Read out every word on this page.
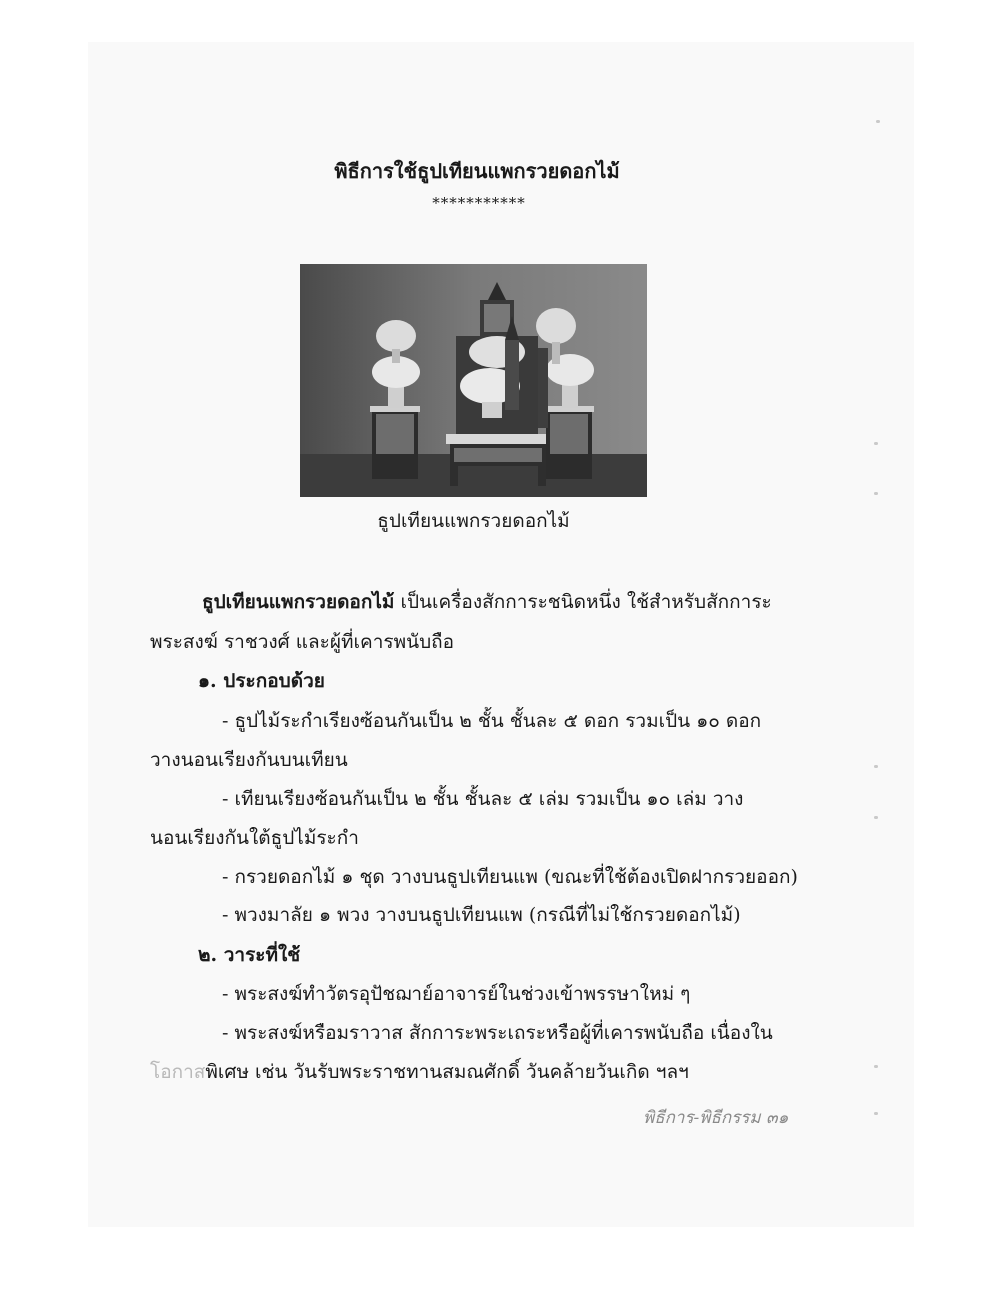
พิธีการใช้ธูปเทียนแพกรวยดอกไม้
***********
ธูปเทียนแพกรวยดอกไม้
ธูปเทียนแพกรวยดอกไม้ เป็นเครื่องสักการะชนิดหนึ่ง ใช้สำหรับสักการะ
พระสงฆ์ ราชวงศ์ และผู้ที่เคารพนับถือ
๑. ประกอบด้วย
- ธูปไม้ระกำเรียงซ้อนกันเป็น ๒ ชั้น ชั้นละ ๕ ดอก รวมเป็น ๑๐ ดอก
วางนอนเรียงกันบนเทียน
- เทียนเรียงซ้อนกันเป็น ๒ ชั้น ชั้นละ ๕ เล่ม รวมเป็น ๑๐ เล่ม วาง
นอนเรียงกันใต้ธูปไม้ระกำ
- กรวยดอกไม้ ๑ ชุด วางบนธูปเทียนแพ (ขณะที่ใช้ต้องเปิดฝากรวยออก)
- พวงมาลัย ๑ พวง วางบนธูปเทียนแพ (กรณีที่ไม่ใช้กรวยดอกไม้)
๒. วาระที่ใช้
- พระสงฆ์ทำวัตรอุปัชฌาย์อาจารย์ในช่วงเข้าพรรษาใหม่ ๆ
- พระสงฆ์หรือมราวาส สักการะพระเถระหรือผู้ที่เคารพนับถือ เนื่องใน
โอกาสพิเศษ เช่น วันรับพระราชทานสมณศักดิ์ วันคล้ายวันเกิด ฯลฯ
พิธีการ-พิธีกรรม ๓๑
